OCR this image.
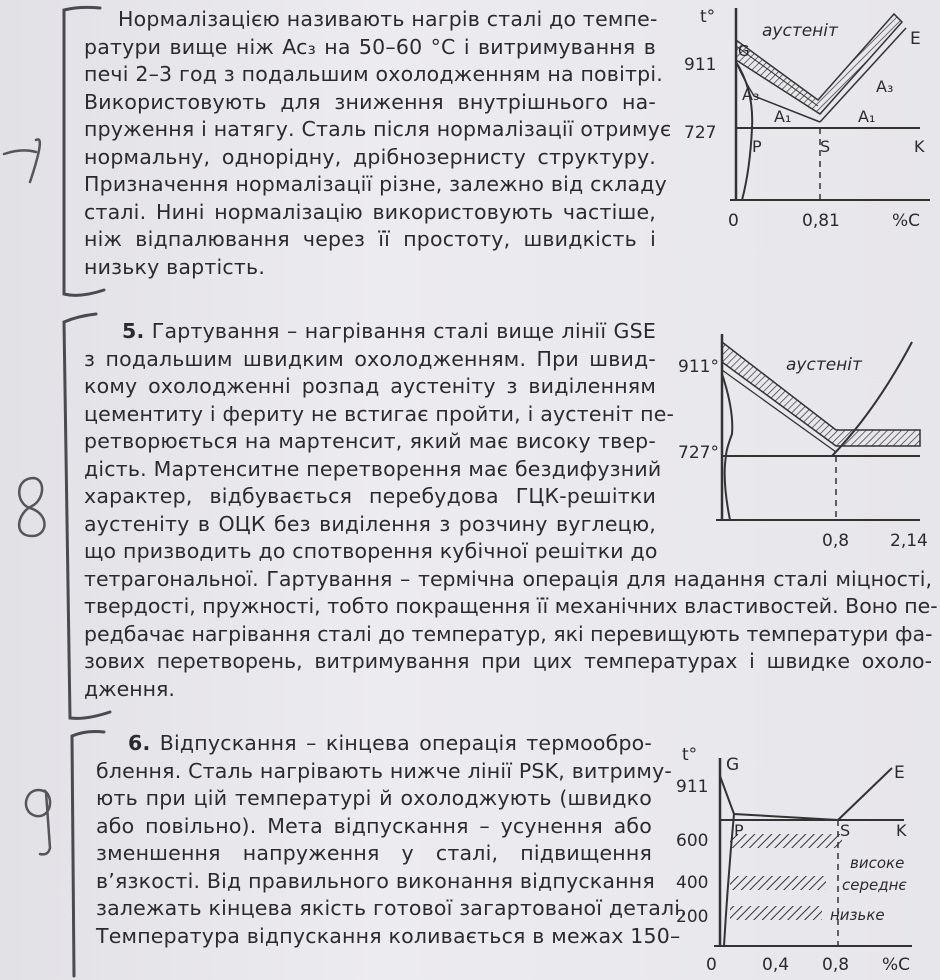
Нормалізацією називають нагрів сталі до темпе-
ратури вище ніж Ac₃ на 50–60 °С і витримування в
печі 2–3 год з подальшим охолодженням на повітрі.
Використовують для зниження внутрішнього на-
пруження і натягу. Сталь після нормалізації отримує
нормальну, однорідну, дрібнозернисту структуру.
Призначення нормалізації різне, залежно від складу
сталі. Нині нормалізацію використовують частіше,
ніж відпалювання через її простоту, швидкість і
низьку вартість.
t°
аустеніт	E
911
727
G
A₃	A₃
A₁	A₁
P	S	K
0	0,81	%C
5. Гартування – нагрівання сталі вище лінії GSE
з подальшим швидким охолодженням. При швид-
кому охолодженні розпад аустеніту з виділенням
цементиту і фериту не встигає пройти, і аустеніт пе-
ретворюється на мартенсит, який має високу твер-
дість. Мартенситне перетворення має бездифузний
характер, відбувається перебудова ГЦК-решітки
аустеніту в ОЦК без виділення з розчину вуглецю,
що призводить до спотворення кубічної решітки до
тетрагональної. Гартування – термічна операція для надання сталі міцності,
твердості, пружності, тобто покращення її механічних властивостей. Воно пе-
редбачає нагрівання сталі до температур, які перевищують температури фа-
зових перетворень, витримування при цих температурах і швидке охоло-
дження.
аустеніт
911°
727°
0,8 2,14
6. Відпускання – кінцева операція термообро-
блення. Сталь нагрівають нижче лінії PSK, витриму-
ють при цій температурі й охолоджують (швидко
або повільно). Мета відпускання – усунення або
зменшення напруження у сталі, підвищення
в’язкості. Від правильного виконання відпускання
залежать кінцева якість готової загартованої деталі.
Температура відпускання коливається в межах 150–
t° G	E
911
P	S	K
600
400
200
високе
середнє
низьке
0	0,4 0,8 %C
